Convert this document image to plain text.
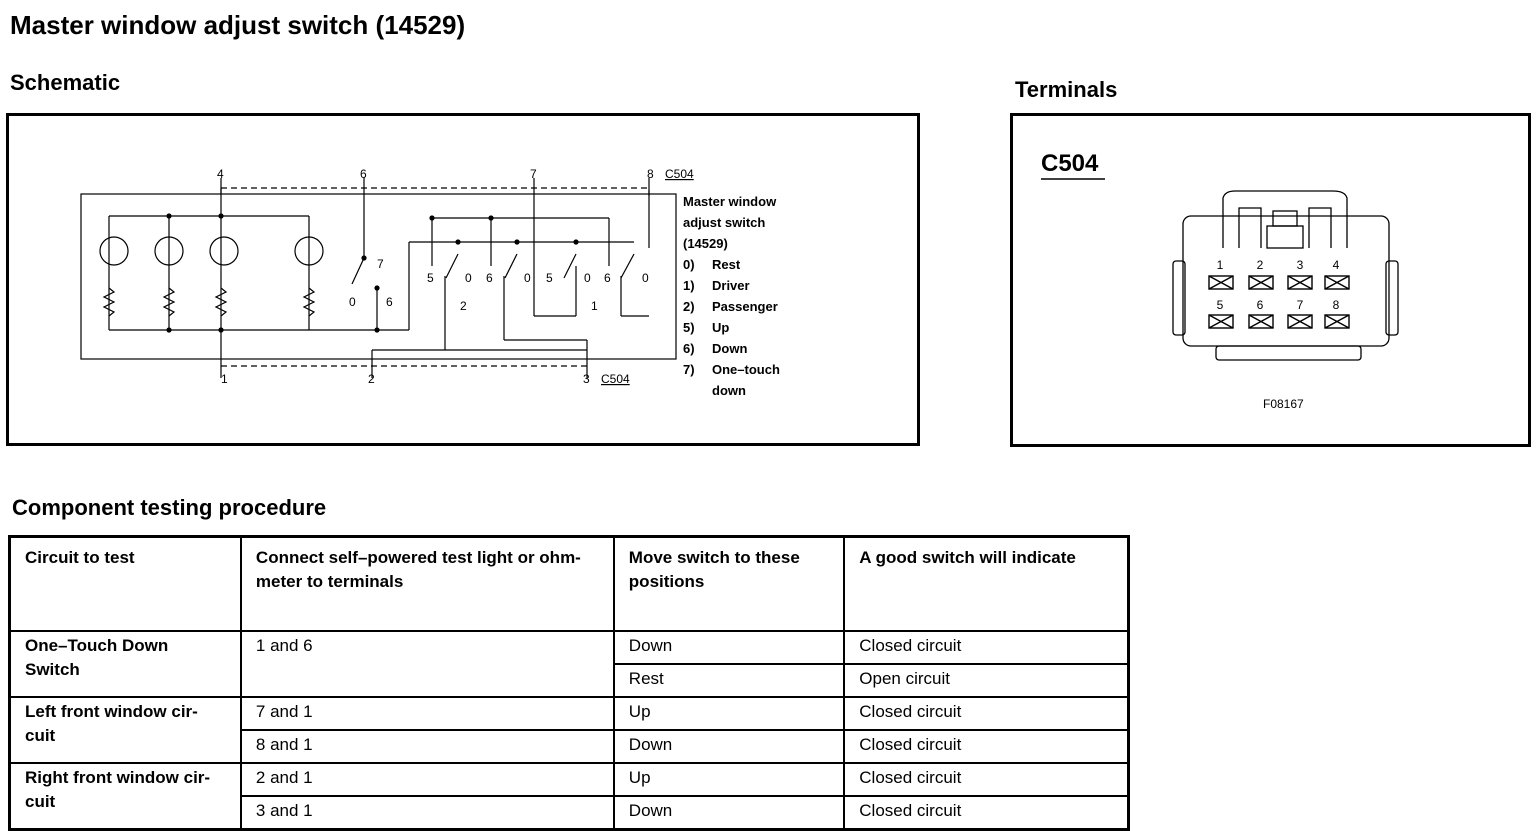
Master window adjust switch (14529)
Schematic	Terminals
Component testing procedure
4	6	7	8 C504
1	2	3 C504
7
0	6
5	0 6	0 5	0 6	0
2	1
Master window
adjust switch
(14529)
0) Rest
1) Driver
2) Passenger
5) Up
6) Down
7) One–touch
down
C504
1	2	3 4
5	6	7 8
F08167
Circuit to test	Connect self–powered test light or ohm-meter to terminals	Move switch to these positions	A good switch will indicate
One–Touch Down Switch	1 and 6	Down	Closed circuit
		Rest	Open circuit
Left front window cir-cuit	7 and 1	Up	Closed circuit
	8 and 1	Down	Closed circuit
Right front window cir-cuit	2 and 1	Up	Closed circuit
	3 and 1	Down	Closed circuit
